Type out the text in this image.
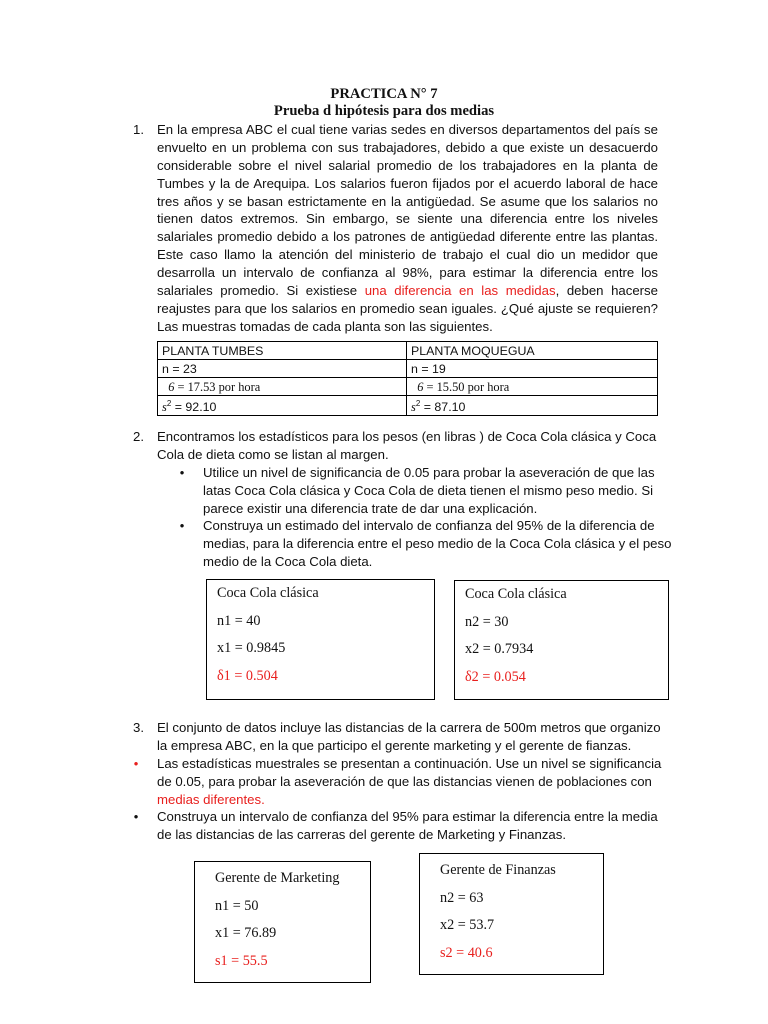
PRACTICA N° 7
Prueba d hipótesis para dos medias
1. En la empresa ABC el cual tiene varias sedes en diversos departamentos del país se
envuelto en un problema con sus trabajadores, debido a que existe un desacuerdo
considerable sobre el nivel salarial promedio de los trabajadores en la planta de
Tumbes y la de Arequipa. Los salarios fueron fijados por el acuerdo laboral de hace
tres años y se basan estrictamente en la antigüedad. Se asume que los salarios no
tienen datos extremos. Sin embargo, se siente una diferencia entre los niveles
salariales promedio debido a los patrones de antigüedad diferente entre las plantas.
Este caso llamo la atención del ministerio de trabajo el cual dio un medidor que
desarrolla un intervalo de confianza al 98%, para estimar la diferencia entre los
salariales promedio. Si existiese una diferencia en las medidas, deben hacerse
reajustes para que los salarios en promedio sean iguales. ¿Qué ajuste se requieren?
Las muestras tomadas de cada planta son las siguientes.
PLANTA TUMBES	PLANTA MOQUEGUA
n = 23	n = 19
6 = 17.53 por hora	6 = 15.50 por hora
$s^2 = 92.10$	$s^2 = 87.10$
2. Encontramos los estadísticos para los pesos (en libras ) de Coca Cola clásica y Coca
Cola de dieta como se listan al margen.
• Utilice un nivel de significancia de 0.05 para probar la aseveración de que las
latas Coca Cola clásica y Coca Cola de dieta tienen el mismo peso medio. Si
parece existir una diferencia trate de dar una explicación.
• Construya un estimado del intervalo de confianza del 95% de la diferencia de
medias, para la diferencia entre el peso medio de la Coca Cola clásica y el peso
medio de la Coca Cola dieta.
Coca Cola clásica
n1 = 40
x1 = 0.9845
δ1 = 0.504
Coca Cola clásica
n2 = 30
x2 = 0.7934
δ2 = 0.054
3. El conjunto de datos incluye las distancias de la carrera de 500m metros que organizo
la empresa ABC, en la que participo el gerente marketing y el gerente de fianzas.
• Las estadísticas muestrales se presentan a continuación. Use un nivel se significancia
de 0.05, para probar la aseveración de que las distancias vienen de poblaciones con
medias diferentes.
• Construya un intervalo de confianza del 95% para estimar la diferencia entre la media
de las distancias de las carreras del gerente de Marketing y Finanzas.
Gerente de Marketing
n1 = 50
x1 = 76.89
s1 = 55.5
Gerente de Finanzas
n2 = 63
x2 = 53.7
s2 = 40.6
